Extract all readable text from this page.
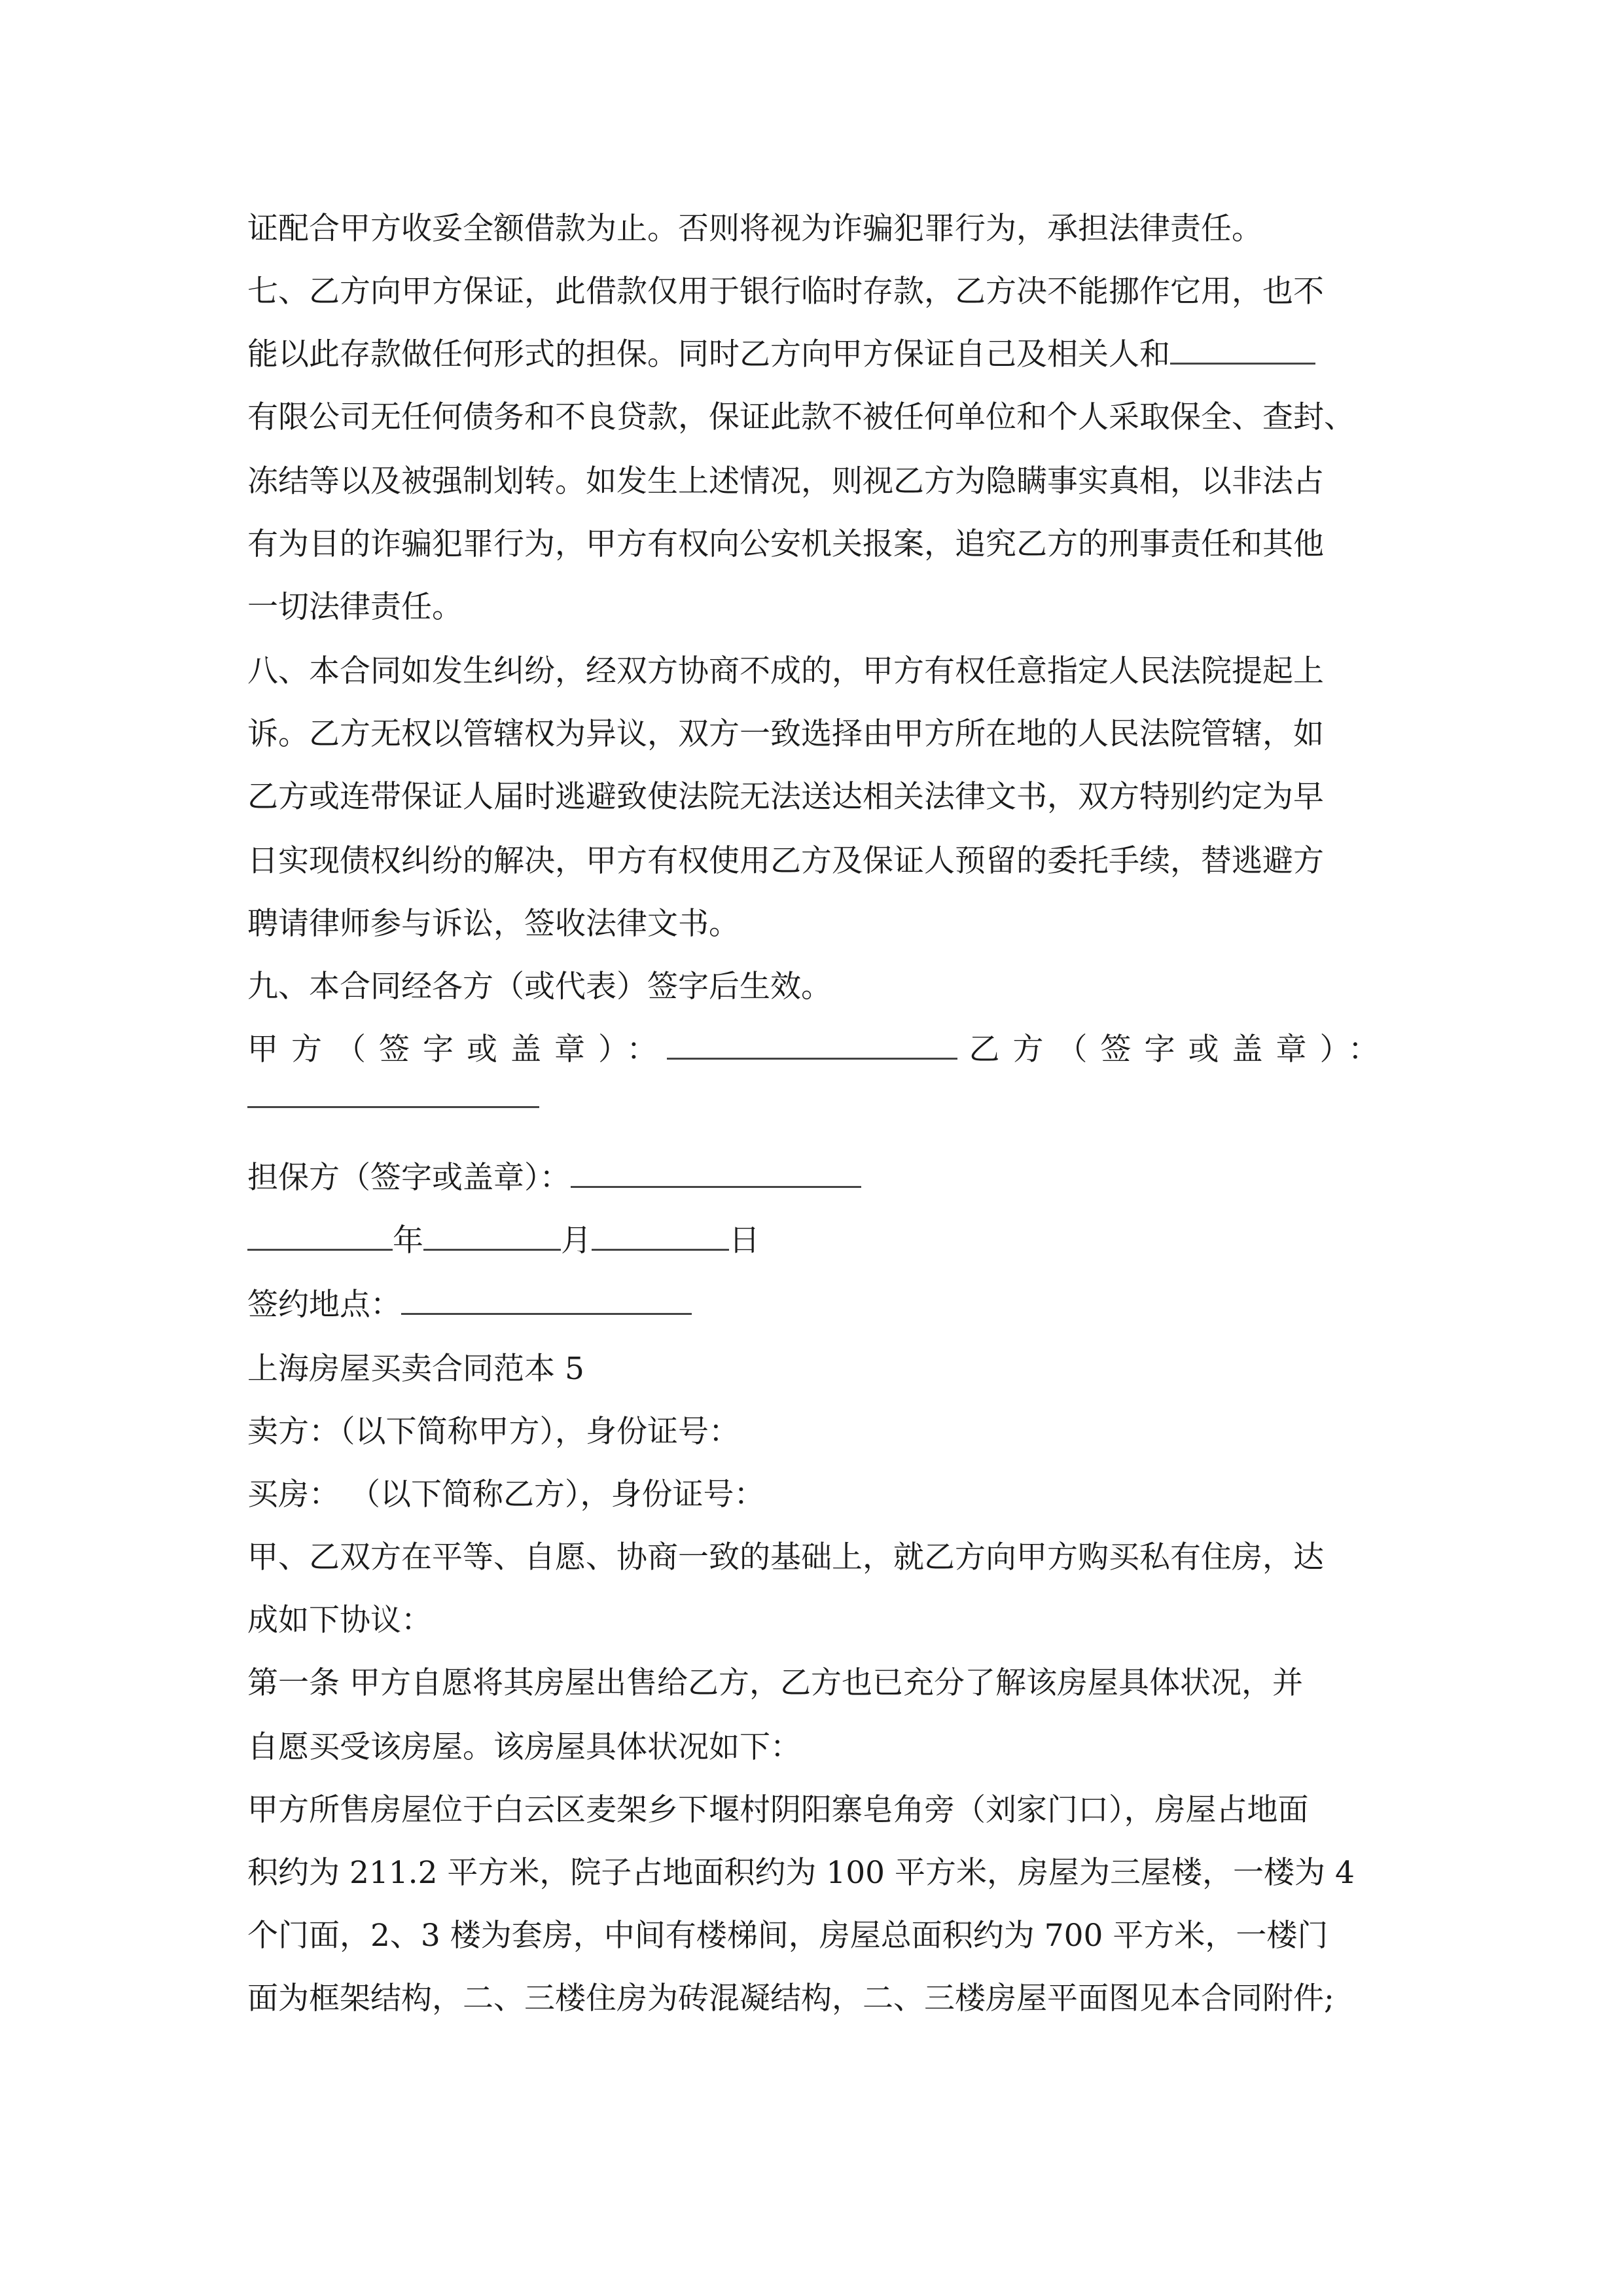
证配合甲方收妥全额借款为止。否则将视为诈骗犯罪行为，承担法律责任。
七、乙方向甲方保证，此借款仅用于银行临时存款，乙方决不能挪作它用，也不
能以此存款做任何形式的担保。同时乙方向甲方保证自己及相关人和
有限公司无任何债务和不良贷款，保证此款不被任何单位和个人采取保全、查封、
冻结等以及被强制划转。如发生上述情况，则视乙方为隐瞒事实真相，以非法占
有为目的诈骗犯罪行为，甲方有权向公安机关报案，追究乙方的刑事责任和其他
一切法律责任。
八、本合同如发生纠纷，经双方协商不成的，甲方有权任意指定人民法院提起上
诉。乙方无权以管辖权为异议，双方一致选择由甲方所在地的人民法院管辖，如
乙方或连带保证人届时逃避致使法院无法送达相关法律文书，双方特别约定为早
日实现债权纠纷的解决，甲方有权使用乙方及保证人预留的委托手续，替逃避方
聘请律师参与诉讼，签收法律文书。
九、本合同经各方（或代表）签字后生效。
甲方（签字或盖章）：	乙方（签字或盖章）：
担保方（签字或盖章）：
年	月	日
签约地点：
上海房屋买卖合同范本 5
卖方：（以下简称甲方），身份证号：
买房： （以下简称乙方），身份证号：
甲、乙双方在平等、自愿、协商一致的基础上，就乙方向甲方购买私有住房，达
成如下协议：
第一条 甲方自愿将其房屋出售给乙方，乙方也已充分了解该房屋具体状况，并
自愿买受该房屋。该房屋具体状况如下：
甲方所售房屋位于白云区麦架乡下堰村阴阳寨皂角旁（刘家门口），房屋占地面
积约为 211.2 平方米，院子占地面积约为 100 平方米，房屋为三屋楼，一楼为 4
个门面，2、3 楼为套房，中间有楼梯间，房屋总面积约为 700 平方米，一楼门
面为框架结构，二、三楼住房为砖混凝结构，二、三楼房屋平面图见本合同附件;
